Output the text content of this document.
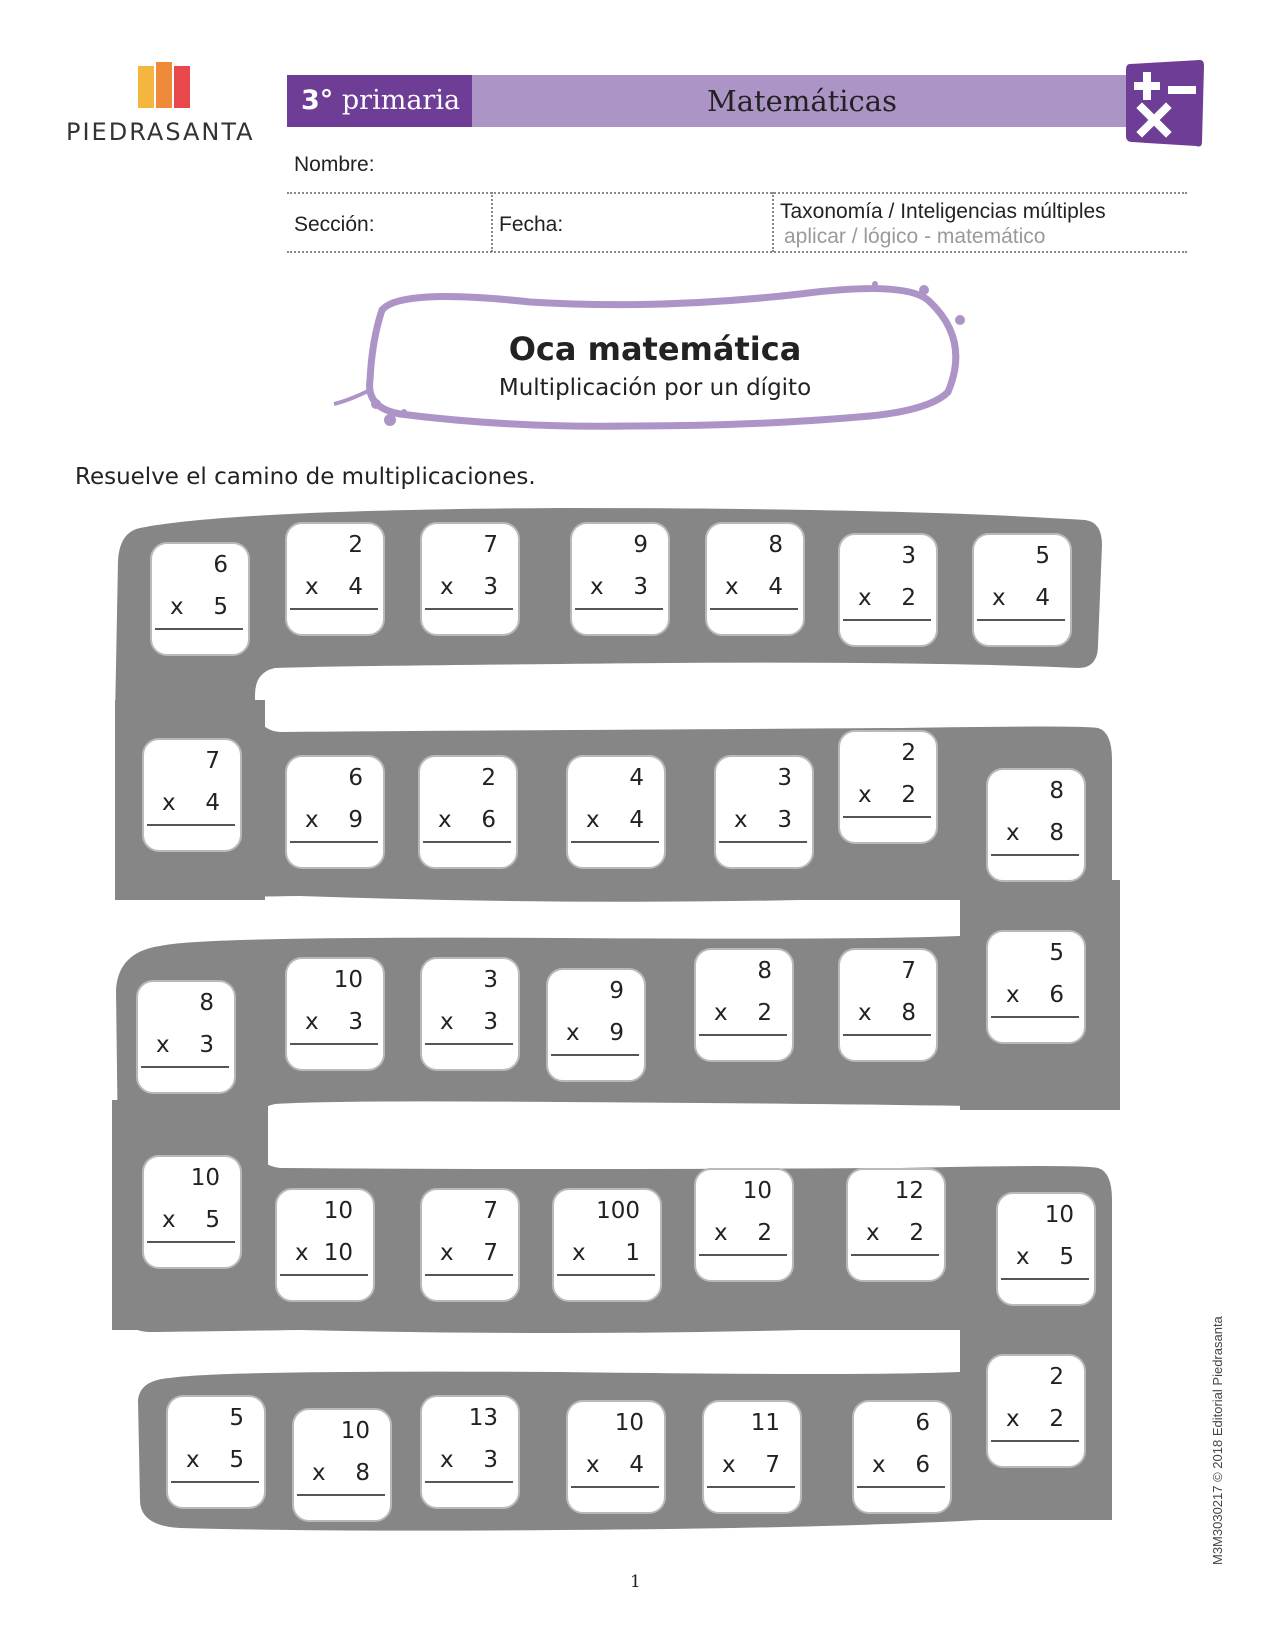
PIEDRASANTA
3° primaria	Matemáticas
Nombre:
Sección:	Fecha:
Taxonomía / Inteligencias múltiples
aplicar / lógico - matemático
Oca matemática
Multiplicación por un dígito
Resuelve el camino de multiplicaciones.
6
x 5
2
x 4
7
x 3
9
x 3
8
x 4
3
x 2
5
x 4
7
x 4
6
x 9
2
x 6
4
x 4
3
x 3
2
x 2	8
x 8
8
x 3
10
x 3
3
x 3
9
x 9
8
x 2
7
x 8
5
x 6
10
x 5	10
x 10
7
x 7
100
x 1
10
x 2
12
x 2
10
x 5
5
x 5
10
x 8
13
x 3
10
x 4
11
x 7
6
x 6
2
x 2
1
M3M3030217 © 2018 Editorial Piedrasanta
